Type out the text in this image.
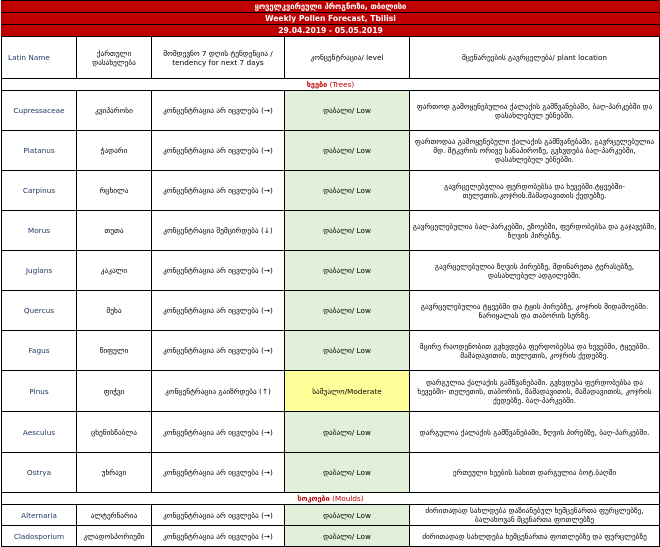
ყოველკვირეული პროგნოზი, თბილისი				
Weekly Pollen Forecast, Tbilisi				
29.04.2019 - 05.05.2019				
Latin Name	ქართული დასახელება	მომდევნო 7 დღის ტენდენცია / tendency for next 7 days	კონცენტრაცია/ level	მცენარეების გავრცელება/ plant location
ხეები (Trees)				
Cupressaceae	კვიპაროსი	კონცენტრაცია არ იცვლება (→)	დაბალი/ Low	ფართოდ გამოყენებულია ქალაქის გამწვანებაში, ბაღ-პარკებში და დასახლებულ უბნებში.
Platanus	ჭადარი	კონცენტრაცია არ იცვლება (→)	დაბალი/ Low	ფართოდაა გამოყენებული ქალაქის გამწვანებაში, გავრცელებულია მდ. მტკვრის ორივე სანაპიროზე, გვხვდება ბაღ-პარკებში, დასახლებულ უბნებში.
Carpinus	რცხილა	კონცენტრაცია არ იცვლება (→)	დაბალი/ Low	გავრცელებულია ფერდობებსა და ხევებში.ტყეებში-თელეთის.კოჯრის.მამადავითის ქედებზე.
Morus	თუთა	კონცენტრაცია შემცირდება (↓)	დაბალი/ Low	გავრცელებულია ბაღ-პარკებში, ეზოებში, ფერდობებსა და გაჯავებში, ზღვის პირებზე.
Juglans	კაკალი	კონცენტრაცია არ იცვლება (→)	დაბალი/ Low	გავრცელებულია ზღვის პირებზე, მდინარეთა ტერასებზე, დასახლებულ ადგილებში.
Quercus	მუხა	კონცენტრაცია არ იცვლება (→)	დაბალი/ Low	გავრცელებულია ტყეებში და ტყის პირებზე, კოჯრის მიდამოებში. ნარიყალას და თაბორის სერზე.
Fagus	წიფელი	კონცენტრაცია არ იცვლება (→)	დაბალი/ Low	მცირე რაოდენობით გვხვდება ფერდობებსა და ხევებში, ტყეებში. მამადავითის, თელეთის, კოჯრის ქედებზე.
Pinus	ფიჭვი	კონცენტრაცია გაიზრდება (↑)	საშუალო/Moderate	დარგულია ქალაქის გამწვანებაში. გვხვდება ფერდობებსა და ხევებში- თელეთის, თაბორის, მამადავითის, მამადავითის, კოჯრის ქედებზე. ბაღ-პარკებში.
Aesculus	ცხენისწაბლა	კონცენტრაცია არ იცვლება (→)	დაბალი/ Low	დარგულია ქალაქის გამწვანებაში, ზღვის პირებზე, ბაღ-პარკებში.
Ostrya	უხრავი	კონცენტრაცია არ იცვლება (→)	დაბალი/ Low	ერთეული ხეების სახით დარგულია ბოტ.ბაღში
სოკოები (Moulds)				
Alternaria	ალტერნარია	კონცენტრაცია არ იცვლება (→)	დაბალი/ Low	ძირითადად სახლდება დაზიანებულ ხემცენართა ფურცლებზე, ბალახოვან მცენართა ფოთლებზე
Cladosporium	კლადოსპორიუმი	კონცენტრაცია არ იცვლება (→)	დაბალი/ Low	ძირითადად სახლდება ხემცენართა ფოთლებზე და ფურცლებზე
